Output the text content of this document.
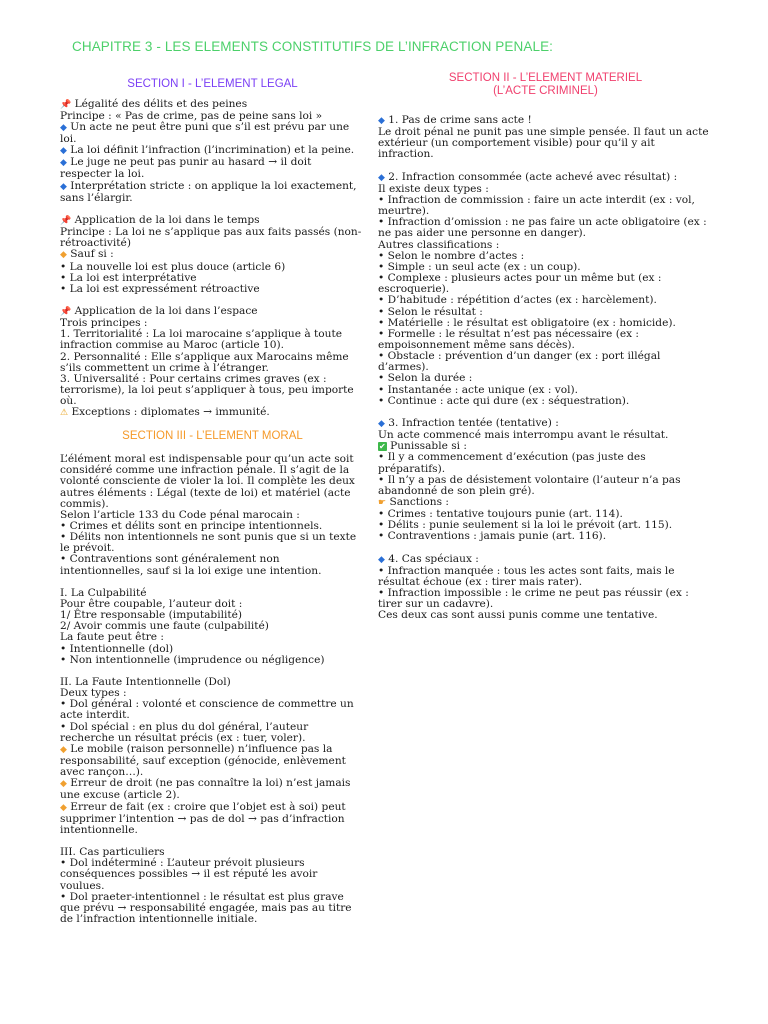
CHAPITRE 3 - LES ELEMENTS CONSTITUTIFS DE L’INFRACTION PENALE:

SECTION I - L’ELEMENT LEGAL

📌 Légalité des délits et des peines
Principe : « Pas de crime, pas de peine sans loi »
◆ Un acte ne peut être puni que s’il est prévu par une loi.
◆ La loi définit l’infraction (l’incrimination) et la peine.
◆ Le juge ne peut pas punir au hasard → il doit respecter la loi.
◆ Interprétation stricte : on applique la loi exactement, sans l’élargir.
📌 Application de la loi dans le temps
Principe : La loi ne s’applique pas aux faits passés (non-rétroactivité)
◆ Sauf si :
• La nouvelle loi est plus douce (article 6)
• La loi est interprétative
• La loi est expressément rétroactive
📌 Application de la loi dans l’espace
Trois principes :
1. Territorialité : La loi marocaine s’applique à toute infraction commise au Maroc (article 10).
2. Personnalité : Elle s’applique aux Marocains même s’ils commettent un crime à l’étranger.
3. Universalité : Pour certains crimes graves (ex : terrorisme), la loi peut s’appliquer à tous, peu importe où.
⚠ Exceptions : diplomates → immunité.

SECTION III - L’ELEMENT MORAL

L’élément moral est indispensable pour qu’un acte soit considéré comme une infraction pénale. Il s’agit de la volonté consciente de violer la loi. Il complète les deux autres éléments : Légal (texte de loi) et matériel (acte commis).
Selon l’article 133 du Code pénal marocain :
• Crimes et délits sont en principe intentionnels.
• Délits non intentionnels ne sont punis que si un texte le prévoit.
• Contraventions sont généralement non intentionnelles, sauf si la loi exige une intention.
I. La Culpabilité
Pour être coupable, l’auteur doit :
1/ Être responsable (imputabilité)
2/ Avoir commis une faute (culpabilité)
La faute peut être :
• Intentionnelle (dol)
• Non intentionnelle (imprudence ou négligence)
II. La Faute Intentionnelle (Dol)
Deux types :
• Dol général : volonté et conscience de commettre un acte interdit.
• Dol spécial : en plus du dol général, l’auteur recherche un résultat précis (ex : tuer, voler).
◆ Le mobile (raison personnelle) n’influence pas la responsabilité, sauf exception (génocide, enlèvement avec rançon…).
◆ Erreur de droit (ne pas connaître la loi) n’est jamais une excuse (article 2).
◆ Erreur de fait (ex : croire que l’objet est à soi) peut supprimer l’intention → pas de dol → pas d’infraction intentionnelle.
III. Cas particuliers
• Dol indéterminé : L’auteur prévoit plusieurs conséquences possibles → il est réputé les avoir voulues.
• Dol praeter-intentionnel : le résultat est plus grave que prévu → responsabilité engagée, mais pas au titre de l’infraction intentionnelle initiale.

SECTION II - L’ELEMENT MATERIEL
(L’ACTE CRIMINEL)

◆ 1. Pas de crime sans acte !
Le droit pénal ne punit pas une simple pensée. Il faut un acte extérieur (un comportement visible) pour qu’il y ait infraction.
◆ 2. Infraction consommée (acte achevé avec résultat) :
Il existe deux types :
• Infraction de commission : faire un acte interdit (ex : vol, meurtre).
• Infraction d’omission : ne pas faire un acte obligatoire (ex : ne pas aider une personne en danger).
Autres classifications :
• Selon le nombre d’actes :
• Simple : un seul acte (ex : un coup).
• Complexe : plusieurs actes pour un même but (ex : escroquerie).
• D’habitude : répétition d’actes (ex : harcèlement).
• Selon le résultat :
• Matérielle : le résultat est obligatoire (ex : homicide).
• Formelle : le résultat n’est pas nécessaire (ex : empoisonnement même sans décès).
• Obstacle : prévention d’un danger (ex : port illégal d’armes).
• Selon la durée :
• Instantanée : acte unique (ex : vol).
• Continue : acte qui dure (ex : séquestration).
◆ 3. Infraction tentée (tentative) :
Un acte commencé mais interrompu avant le résultat.
✔ Punissable si :
• Il y a commencement d’exécution (pas juste des préparatifs).
• Il n’y a pas de désistement volontaire (l’auteur n’a pas abandonné de son plein gré).
☛ Sanctions :
• Crimes : tentative toujours punie (art. 114).
• Délits : punie seulement si la loi le prévoit (art. 115).
• Contraventions : jamais punie (art. 116).
◆ 4. Cas spéciaux :
• Infraction manquée : tous les actes sont faits, mais le résultat échoue (ex : tirer mais rater).
• Infraction impossible : le crime ne peut pas réussir (ex : tirer sur un cadavre).
Ces deux cas sont aussi punis comme une tentative.
